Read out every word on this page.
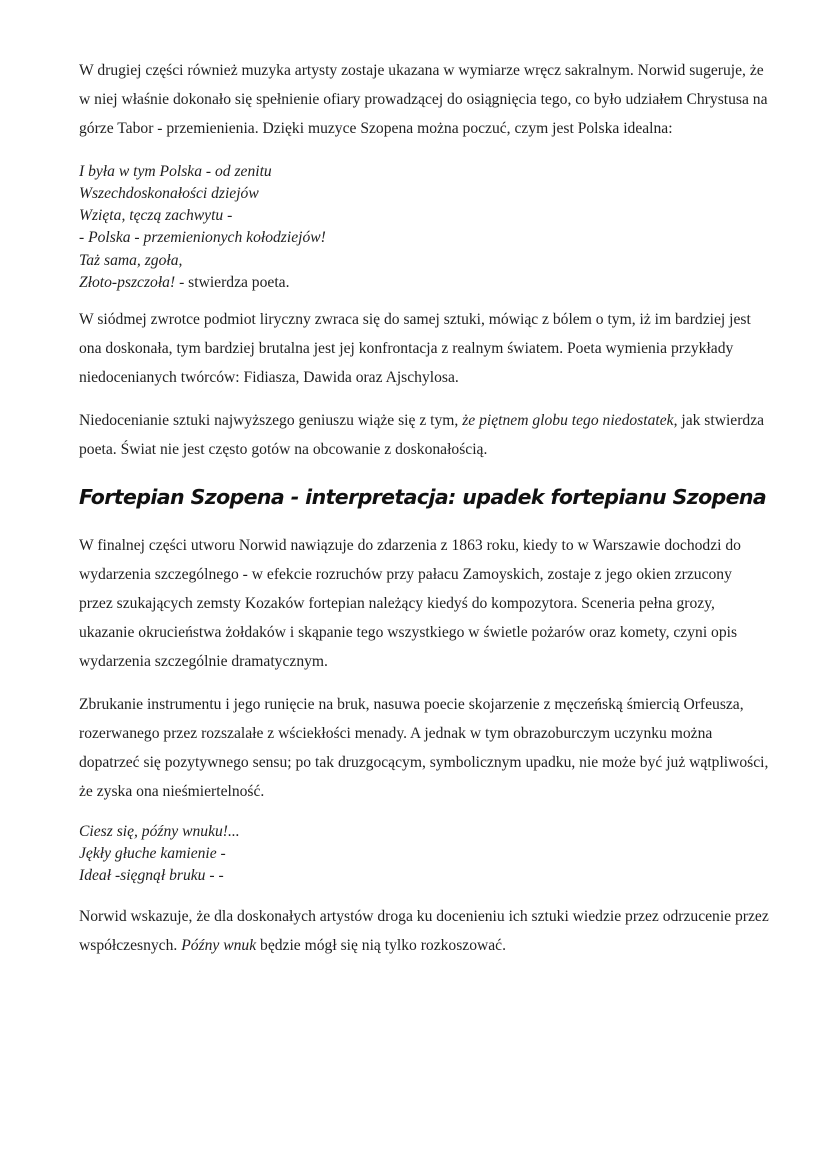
W drugiej części również muzyka artysty zostaje ukazana w wymiarze wręcz sakralnym. Norwid sugeruje, że w niej właśnie dokonało się spełnienie ofiary prowadzącej do osiągnięcia tego, co było udziałem Chrystusa na górze Tabor - przemienienia. Dzięki muzyce Szopena można poczuć, czym jest Polska idealna:

I była w tym Polska - od zenitu
Wszechdoskonałości dziejów
Wzięta, tęczą zachwytu -
- Polska - przemienionych kołodziejów!
Taż sama, zgoła,
Złoto-pszczoła! - stwierdza poeta.

W siódmej zwrotce podmiot liryczny zwraca się do samej sztuki, mówiąc z bólem o tym, iż im bardziej jest ona doskonała, tym bardziej brutalna jest jej konfrontacja z realnym światem. Poeta wymienia przykłady niedocenianych twórców: Fidiasza, Dawida oraz Ajschylosa.

Niedocenianie sztuki najwyższego geniuszu wiąże się z tym, że piętnem globu tego niedostatek, jak stwierdza poeta. Świat nie jest często gotów na obcowanie z doskonałością.

Fortepian Szopena - interpretacja: upadek fortepianu Szopena

W finalnej części utworu Norwid nawiązuje do zdarzenia z 1863 roku, kiedy to w Warszawie dochodzi do wydarzenia szczególnego - w efekcie rozruchów przy pałacu Zamoyskich, zostaje z jego okien zrzucony przez szukających zemsty Kozaków fortepian należący kiedyś do kompozytora. Sceneria pełna grozy, ukazanie okrucieństwa żołdaków i skąpanie tego wszystkiego w świetle pożarów oraz komety, czyni opis wydarzenia szczególnie dramatycznym.

Zbrukanie instrumentu i jego runięcie na bruk, nasuwa poecie skojarzenie z męczeńską śmiercią Orfeusza, rozerwanego przez rozszalałe z wściekłości menady. A jednak w tym obrazoburczym uczynku można dopatrzeć się pozytywnego sensu; po tak druzgocącym, symbolicznym upadku, nie może być już wątpliwości, że zyska ona nieśmiertelność.

Ciesz się, późny wnuku!...
Jękły głuche kamienie -
Ideał -sięgnął bruku - -

Norwid wskazuje, że dla doskonałych artystów droga ku docenieniu ich sztuki wiedzie przez odrzucenie przez współczesnych. Późny wnuk będzie mógł się nią tylko rozkoszować.
